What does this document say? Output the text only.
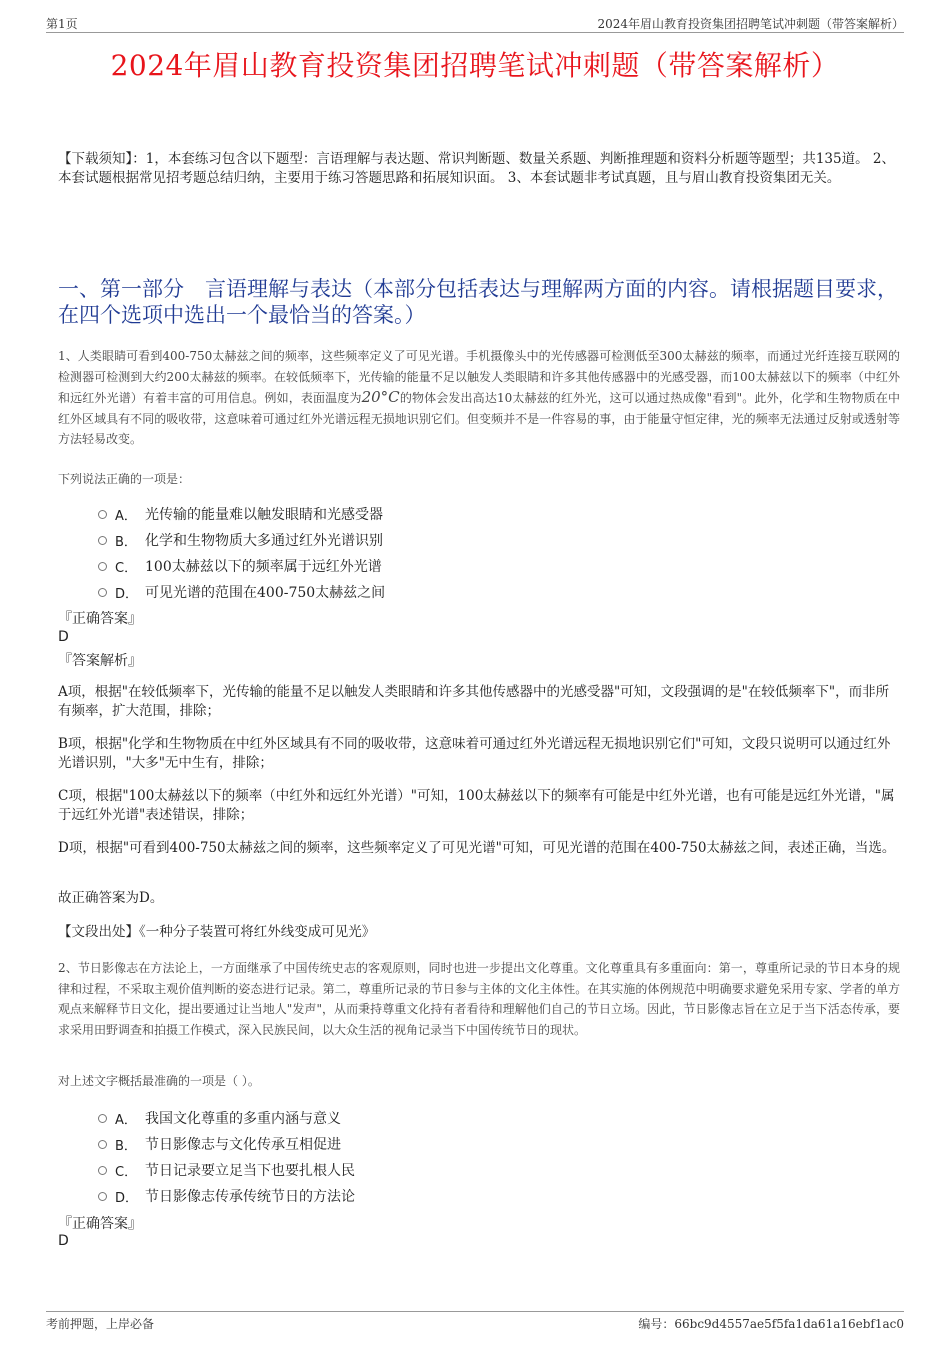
第1页	2024年眉山教育投资集团招聘笔试冲刺题（带答案解析）
2024年眉山教育投资集团招聘笔试冲刺题（带答案解析）
【下载须知】：1，本套练习包含以下题型：言语理解与表达题、常识判断题、数量关系题、判断推理题和资料分析题等题型；共135道。 2、本套试题根据常见招考题总结归纳，主要用于练习答题思路和拓展知识面。 3、本套试题非考试真题，且与眉山教育投资集团无关。
一、第一部分　言语理解与表达（本部分包括表达与理解两方面的内容。请根据题目要求，在四个选项中选出一个最恰当的答案。）
1、人类眼睛可看到400-750太赫兹之间的频率，这些频率定义了可见光谱。手机摄像头中的光传感器可检测低至300太赫兹的频率，而通过光纤连接互联网的检测器可检测到大约200太赫兹的频率。在较低频率下，光传输的能量不足以触发人类眼睛和许多其他传感器中的光感受器，而100太赫兹以下的频率（中红外和远红外光谱）有着丰富的可用信息。例如，表面温度为20°C的物体会发出高达10太赫兹的红外光，这可以通过热成像"看到"。此外，化学和生物物质在中红外区域具有不同的吸收带，这意味着可通过红外光谱远程无损地识别它们。但变频并不是一件容易的事，由于能量守恒定律，光的频率无法通过反射或透射等方法轻易改变。
下列说法正确的一项是：
A． 光传输的能量难以触发眼睛和光感受器
B． 化学和生物物质大多通过红外光谱识别
C． 100太赫兹以下的频率属于远红外光谱
D． 可见光谱的范围在400-750太赫兹之间
『正确答案』
D
『答案解析』
A项，根据"在较低频率下，光传输的能量不足以触发人类眼睛和许多其他传感器中的光感受器"可知，文段强调的是"在较低频率下"，而非所有频率，扩大范围，排除；
B项，根据"化学和生物物质在中红外区域具有不同的吸收带，这意味着可通过红外光谱远程无损地识别它们"可知，文段只说明可以通过红外光谱识别，"大多"无中生有，排除；
C项，根据"100太赫兹以下的频率（中红外和远红外光谱）"可知，100太赫兹以下的频率有可能是中红外光谱，也有可能是远红外光谱，"属于远红外光谱"表述错误，排除；
D项，根据"可看到400-750太赫兹之间的频率，这些频率定义了可见光谱"可知，可见光谱的范围在400-750太赫兹之间，表述正确，当选。
故正确答案为D。
【文段出处】《一种分子装置可将红外线变成可见光》
2、节日影像志在方法论上，一方面继承了中国传统史志的客观原则，同时也进一步提出文化尊重。文化尊重具有多重面向：第一，尊重所记录的节日本身的规律和过程，不采取主观价值判断的姿态进行记录。第二，尊重所记录的节日参与主体的文化主体性。在其实施的体例规范中明确要求避免采用专家、学者的单方观点来解释节日文化，提出要通过让当地人"发声"，从而秉持尊重文化持有者看待和理解他们自己的节日立场。因此，节日影像志旨在立足于当下活态传承，要求采用田野调查和拍摄工作模式，深入民族民间，以大众生活的视角记录当下中国传统节日的现状。
对上述文字概括最准确的一项是（ ）。
A． 我国文化尊重的多重内涵与意义
B． 节日影像志与文化传承互相促进
C． 节日记录要立足当下也要扎根人民
D． 节日影像志传承传统节日的方法论
『正确答案』
D
考前押题，上岸必备	编号：66bc9d4557ae5f5fa1da61a16ebf1ac0
